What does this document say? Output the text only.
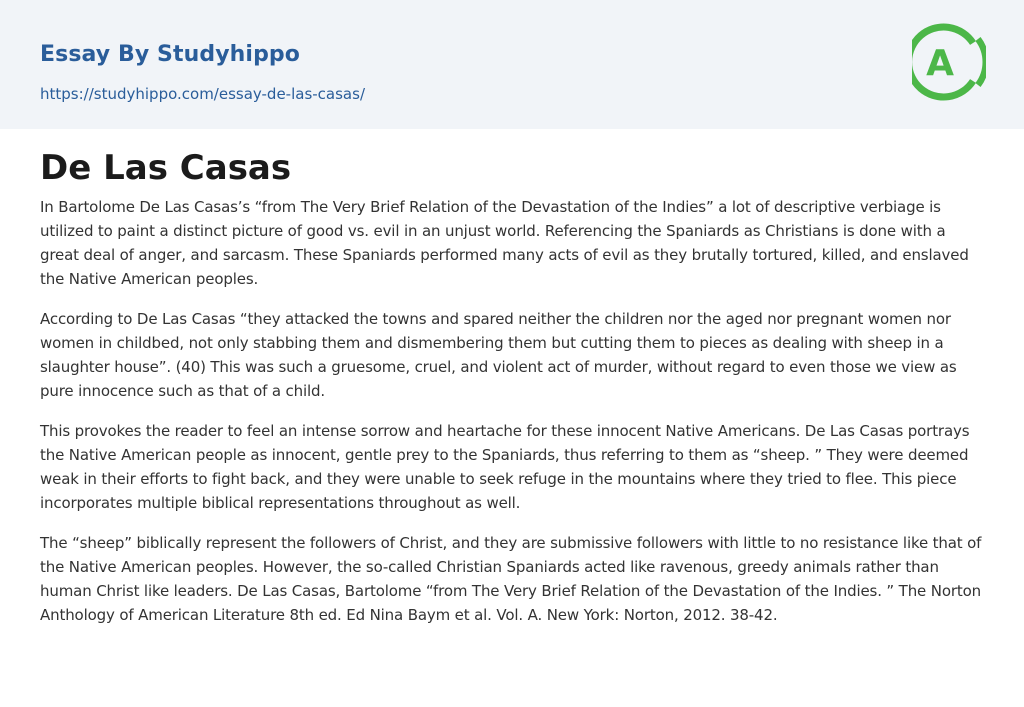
Essay By Studyhippo
https://studyhippo.com/essay-de-las-casas/
A
De Las Casas

In Bartolome De Las Casas’s “from The Very Brief Relation of the Devastation of the Indies” a lot of descriptive verbiage is utilized to paint a distinct picture of good vs. evil in an unjust world. Referencing the Spaniards as Christians is done with a great deal of anger, and sarcasm. These Spaniards performed many acts of evil as they brutally tortured, killed, and enslaved the Native American peoples.

According to De Las Casas “they attacked the towns and spared neither the children nor the aged nor pregnant women nor women in childbed, not only stabbing them and dismembering them but cutting them to pieces as dealing with sheep in a slaughter house”. (40) This was such a gruesome, cruel, and violent act of murder, without regard to even those we view as pure innocence such as that of a child.

This provokes the reader to feel an intense sorrow and heartache for these innocent Native Americans. De Las Casas portrays the Native American people as innocent, gentle prey to the Spaniards, thus referring to them as “sheep. ” They were deemed weak in their efforts to fight back, and they were unable to seek refuge in the mountains where they tried to flee. This piece incorporates multiple biblical representations throughout as well.

The “sheep” biblically represent the followers of Christ, and they are submissive followers with little to no resistance like that of the Native American peoples. However, the so-called Christian Spaniards acted like ravenous, greedy animals rather than human Christ like leaders. De Las Casas, Bartolome “from The Very Brief Relation of the Devastation of the Indies. ” The Norton Anthology of American Literature 8th ed. Ed Nina Baym et al. Vol. A. New York: Norton, 2012. 38-42.
